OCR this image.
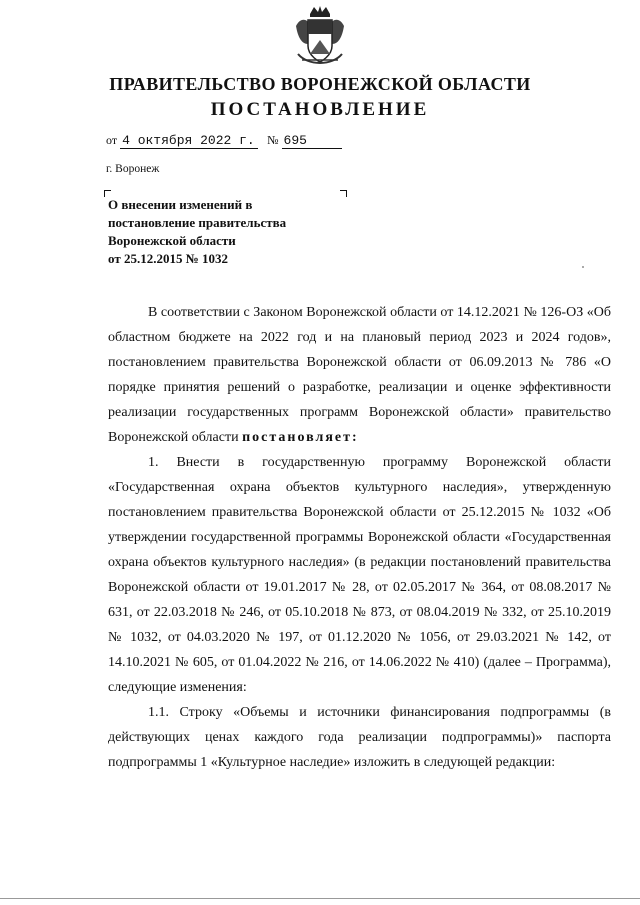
ПРАВИТЕЛЬСТВО ВОРОНЕЖСКОЙ ОБЛАСТИ
ПОСТАНОВЛЕНИЕ
от 4 октября 2022 г. № 695
г. Воронеж
О внесении изменений в
постановление правительства
Воронежской области
от 25.12.2015 № 1032

В соответствии с Законом Воронежской области от 14.12.2021 № 126-ОЗ «Об областном бюджете на 2022 год и на плановый период 2023 и 2024 годов», постановлением правительства Воронежской области от 06.09.2013 № 786 «О порядке принятия решений о разработке, реализации и оценке эффективности реализации государственных программ Воронежской области» правительство Воронежской области постановляет:

1. Внести в государственную программу Воронежской области «Государственная охрана объектов культурного наследия», утвержденную постановлением правительства Воронежской области от 25.12.2015 № 1032 «Об утверждении государственной программы Воронежской области «Государственная охрана объектов культурного наследия» (в редакции постановлений правительства Воронежской области от 19.01.2017 № 28, от 02.05.2017 № 364, от 08.08.2017 № 631, от 22.03.2018 № 246, от 05.10.2018 № 873, от 08.04.2019 № 332, от 25.10.2019 № 1032, от 04.03.2020 № 197, от 01.12.2020 № 1056, от 29.03.2021 № 142, от 14.10.2021 № 605, от 01.04.2022 № 216, от 14.06.2022 № 410) (далее – Программа), следующие изменения:

1.1. Строку «Объемы и источники финансирования подпрограммы (в действующих ценах каждого года реализации подпрограммы)» паспорта подпрограммы 1 «Культурное наследие» изложить в следующей редакции:
